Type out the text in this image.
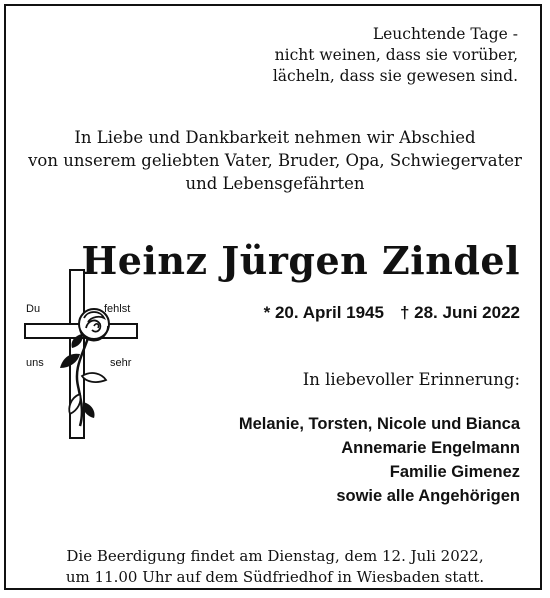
Leuchtende Tage -
nicht weinen, dass sie vorüber,
lächeln, dass sie gewesen sind.

In Liebe und Dankbarkeit nehmen wir Abschied
von unserem geliebten Vater, Bruder, Opa, Schwiegervater
und Lebensgefährten

Du	fehlst
uns	sehr
Heinz Jürgen Zindel

* 20. April 1945 † 28. Juni 2022

In liebevoller Erinnerung:

Melanie, Torsten, Nicole und Bianca
Annemarie Engelmann
Familie Gimenez
sowie alle Angehörigen

Die Beerdigung findet am Dienstag, dem 12. Juli 2022,
um 11.00 Uhr auf dem Südfriedhof in Wiesbaden statt.
